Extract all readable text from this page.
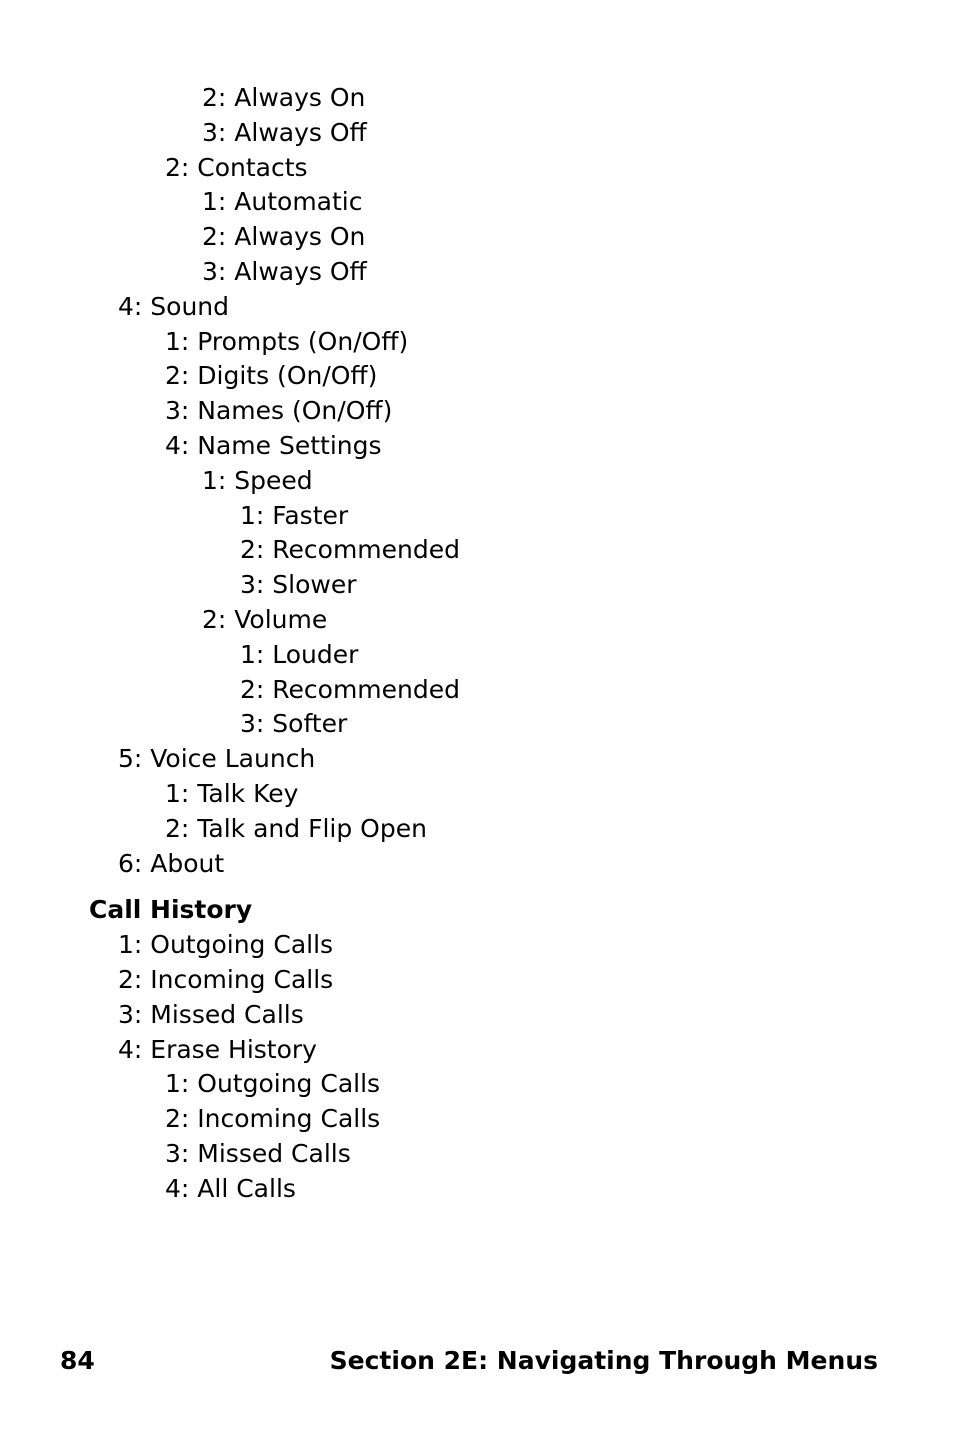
2: Always On
3: Always Off
2: Contacts
1: Automatic
2: Always On
3: Always Off
4: Sound
1: Prompts (On/Off)
2: Digits (On/Off)
3: Names (On/Off)
4: Name Settings
1: Speed
1: Faster
2: Recommended
3: Slower
2: Volume
1: Louder
2: Recommended
3: Softer
5: Voice Launch
1: Talk Key
2: Talk and Flip Open
6: About
Call History
1: Outgoing Calls
2: Incoming Calls
3: Missed Calls
4: Erase History
1: Outgoing Calls
2: Incoming Calls
3: Missed Calls
4: All Calls
84	Section 2E: Navigating Through Menus
